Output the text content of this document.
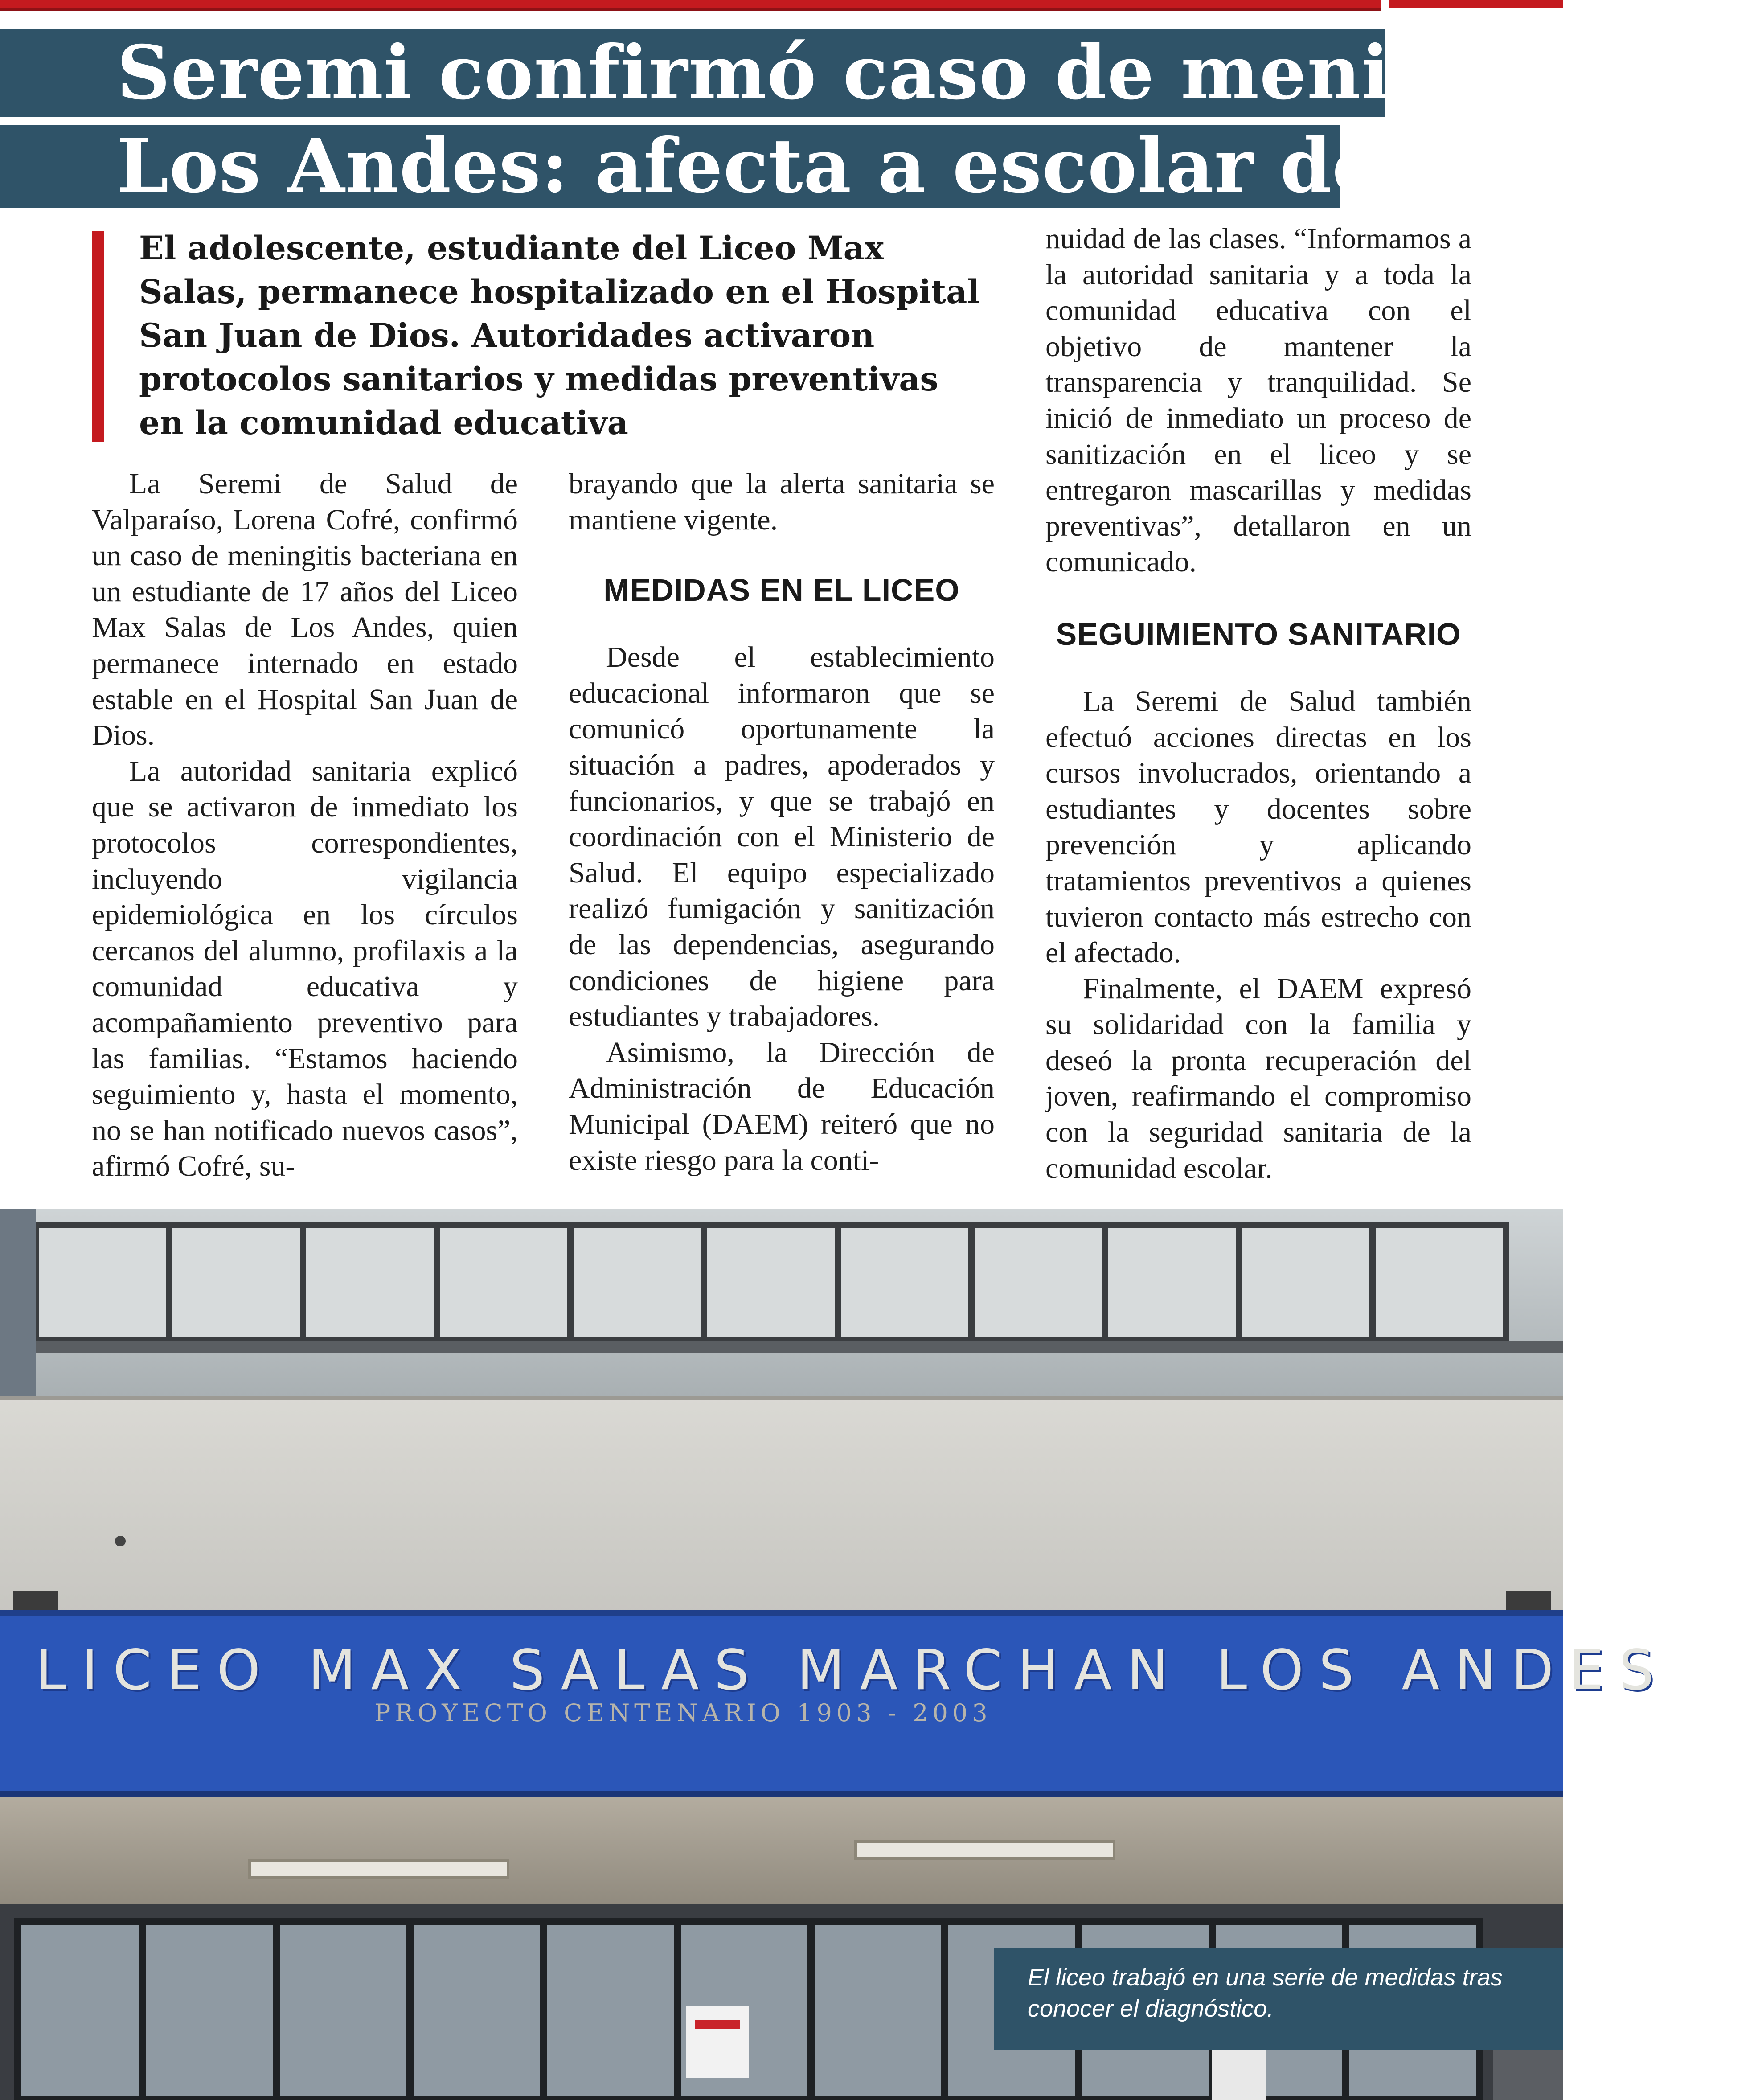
Seremi confirmó caso de meningitis en
Los Andes: afecta a escolar de 17 años
El adolescente, estudiante del Liceo Max Salas, permanece hospitalizado en el Hospital San Juan de Dios. Autoridades activaron protocolos sanitarios y medidas preventivas en la comunidad educativa

La Seremi de Salud de Valparaíso, Lorena Cofré, confirmó un caso de meningitis bacteriana en un estudiante de 17 años del Liceo Max Salas de Los Andes, quien permanece internado en estado estable en el Hospital San Juan de Dios.

La autoridad sanitaria explicó que se activaron de inmediato los protocolos correspondientes, incluyendo vigilancia epidemiológica en los círculos cercanos del alumno, profilaxis a la comunidad educativa y acompañamiento preventivo para las familias. “Estamos haciendo seguimiento y, hasta el momento, no se han notificado nuevos casos”, afirmó Cofré, su-

brayando que la alerta sanitaria se mantiene vigente.

MEDIDAS EN EL LICEO

Desde el establecimiento educacional informaron que se comunicó oportunamente la situación a padres, apoderados y funcionarios, y que se trabajó en coordinación con el Ministerio de Salud. El equipo especializado realizó fumigación y sanitización de las dependencias, asegurando condiciones de higiene para estudiantes y trabajadores.

Asimismo, la Dirección de Administración de Educación Municipal (DAEM) reiteró que no existe riesgo para la conti-

nuidad de las clases. “Informamos a la autoridad sanitaria y a toda la comunidad educativa con el objetivo de mantener la transparencia y tranquilidad. Se inició de inmediato un proceso de sanitización en el liceo y se entregaron mascarillas y medidas preventivas”, detallaron en un comunicado.

SEGUIMIENTO SANITARIO

La Seremi de Salud también efectuó acciones directas en los cursos involucrados, orientando a estudiantes y docentes sobre prevención y aplicando tratamientos preventivos a quienes tuvieron contacto más estrecho con el afectado.

Finalmente, el DAEM expresó su solidaridad con la familia y deseó la pronta recuperación del joven, reafirmando el compromiso con la seguridad sanitaria de la comunidad escolar.

LICEO MAX SALAS MARCHAN LOS ANDES
PROYECTO CENTENARIO 1903 - 2003
El liceo trabajó en una serie de medidas tras conocer el diagnóstico.
